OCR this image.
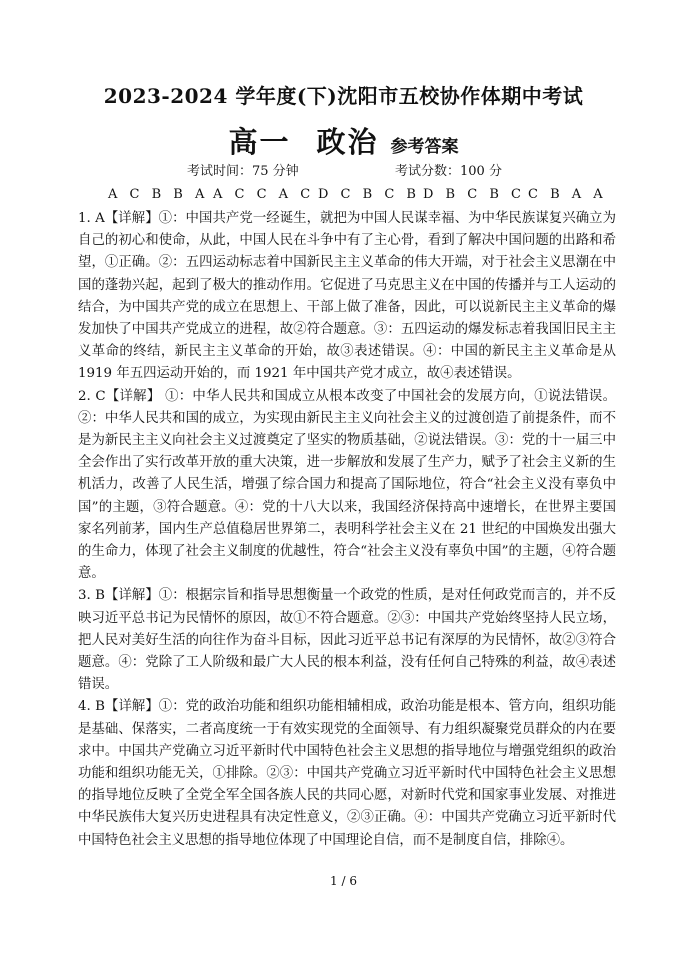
2023-2024 学年度(下)沈阳市五校协作体期中考试
高一 政治 参考答案
考试时间：75 分钟	考试分数：100 分
A C B B A A C C A C D C B C B D B C B C C B A A

1. A【详解】①：中国共产党一经诞生，就把为中国人民谋幸福、为中华民族谋复兴确立为自己的初心和使命，从此，中国人民在斗争中有了主心骨，看到了解决中国问题的出路和希望，①正确。②：五四运动标志着中国新民主主义革命的伟大开端，对于社会主义思潮在中国的蓬勃兴起，起到了极大的推动作用。它促进了马克思主义在中国的传播并与工人运动的结合，为中国共产党的成立在思想上、干部上做了准备，因此，可以说新民主主义革命的爆发加快了中国共产党成立的进程，故②符合题意。③：五四运动的爆发标志着我国旧民主主义革命的终结，新民主主义革命的开始，故③表述错误。④：中国的新民主主义革命是从 1919 年五四运动开始的，而 1921 年中国共产党才成立，故④表述错误。

2. C【详解】 ①：中华人民共和国成立从根本改变了中国社会的发展方向，①说法错误。②：中华人民共和国的成立，为实现由新民主主义向社会主义的过渡创造了前提条件，而不是为新民主主义向社会主义过渡奠定了坚实的物质基础，②说法错误。③：党的十一届三中全会作出了实行改革开放的重大决策，进一步解放和发展了生产力，赋予了社会主义新的生机活力，改善了人民生活，增强了综合国力和提高了国际地位，符合“社会主义没有辜负中国”的主题，③符合题意。④：党的十八大以来，我国经济保持高中速增长，在世界主要国家名列前茅，国内生产总值稳居世界第二，表明科学社会主义在 21 世纪的中国焕发出强大的生命力，体现了社会主义制度的优越性，符合“社会主义没有辜负中国”的主题，④符合题意。

3. B【详解】①：根据宗旨和指导思想衡量一个政党的性质，是对任何政党而言的，并不反映习近平总书记为民情怀的原因，故①不符合题意。②③：中国共产党始终坚持人民立场，把人民对美好生活的向往作为奋斗目标，因此习近平总书记有深厚的为民情怀，故②③符合题意。④：党除了工人阶级和最广大人民的根本利益，没有任何自己特殊的利益，故④表述错误。

4. B【详解】①：党的政治功能和组织功能相辅相成，政治功能是根本、管方向，组织功能是基础、保落实，二者高度统一于有效实现党的全面领导、有力组织凝聚党员群众的内在要求中。中国共产党确立习近平新时代中国特色社会主义思想的指导地位与增强党组织的政治功能和组织功能无关，①排除。②③：中国共产党确立习近平新时代中国特色社会主义思想的指导地位反映了全党全军全国各族人民的共同心愿，对新时代党和国家事业发展、对推进中华民族伟大复兴历史进程具有决定性意义，②③正确。④：中国共产党确立习近平新时代中国特色社会主义思想的指导地位体现了中国理论自信，而不是制度自信，排除④。

1 / 6
